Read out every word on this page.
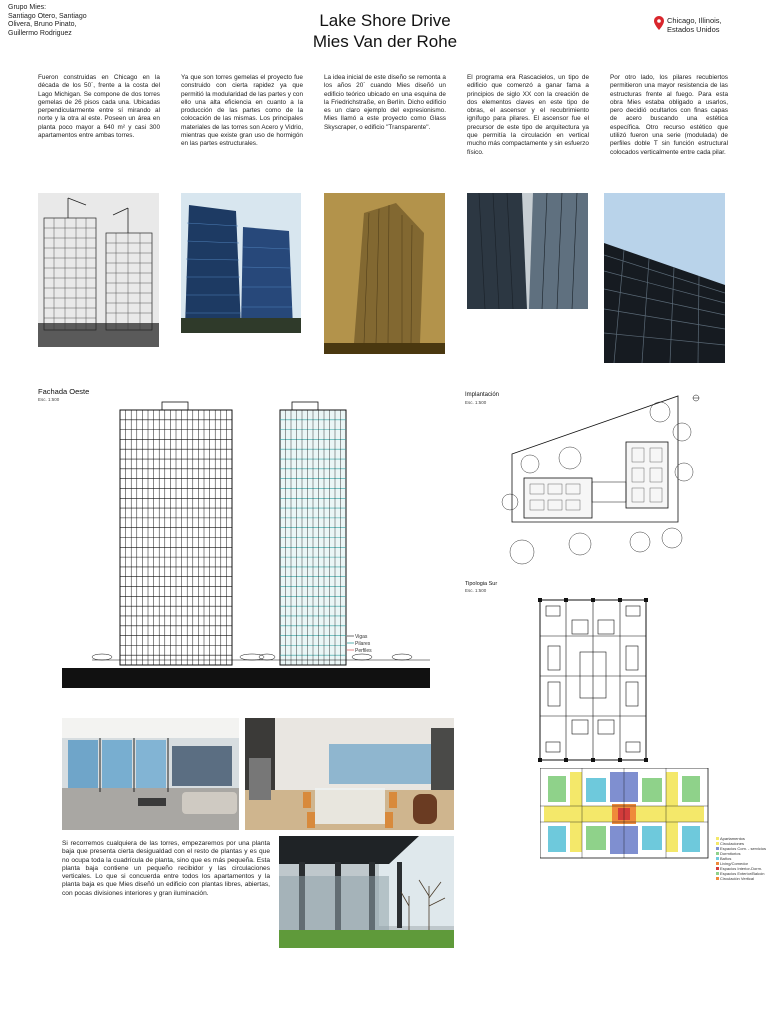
Grupo Mies:
Santiago Otero, Santiago
Olivera, Bruno Pinato,
Guillermo Rodriguez
Lake Shore Drive
Mies Van der Rohe
Chicago, Illinois,
Estados Unidos
Fueron construidas en Chicago en la década de los 50´, frente a la costa del Lago Michigan. Se compone de dos torres gemelas de 26 pisos cada una. Ubicadas perpendicularmente entre sí mirando al norte y la otra al este. Poseen un área en planta poco mayor a 640 m² y casi 300 apartamentos entre ambas torres.
Ya que son torres gemelas el proyecto fue construido con cierta rapidez ya que permitió la modularidad de las partes y con ello una alta eficiencia en cuanto a la producción de las partes como de la colocación de las mismas. Los principales materiales de las torres son Acero y Vidrio, mientras que existe gran uso de hormigón en las partes estructurales.
La idea inicial de este diseño se remonta a los años 20´ cuando Mies diseñó un edificio teórico ubicado en una esquina de la Friedrichstraße, en Berlín. Dicho edificio es un claro ejemplo del expresionismo. Mies llamó a este proyecto como Glass Skyscraper, o edificio "Transparente".
El programa era Rascacielos, un tipo de edificio que comenzó a ganar fama a principios de siglo XX con la creación de dos elementos claves en este tipo de obras, el ascensor y el recubrimiento ignífugo para pilares. El ascensor fue el precursor de este tipo de arquitectura ya que permitía la circulación en vertical mucho más compactamente y sin esfuerzo físico.
Por otro lado, los pilares recubiertos permitieron una mayor resistencia de las estructuras frente al fuego. Para esta obra Mies estaba obligado a usarlos, pero decidió ocultarlos con finas capas de acero buscando una estética específica. Otro recurso estético que utilizó fueron una serie (modulada) de perfiles doble T sin función estructural colocados verticalmente entre cada pilar.
Fachada Oeste
Esc. 1:500
Vigas
Pilares
Perfiles
Implantación
Esc. 1:500
Tipologia Sur
Esc. 1:500
Apartamentos
Circulaciones
Espacios Com. - servicios
Dormitorios
Baños
Living/Comedor
Espacios Interior-Dorm.
Espacios Exterior/Balcón
Circulación Vertical
Si recorremos cualquiera de las torres, empezaremos por una planta baja que presenta cierta desigualdad con el resto de plantas y es que no ocupa toda la cuadrícula de planta, sino que es más pequeña. Esta planta baja contiene un pequeño recibidor y las circulaciones verticales. Lo que si concuerda entre todos los apartamentos y la planta baja es que Mies diseñó un edificio con plantas libres, abiertas, con pocas divisiones interiores y gran iluminación.
